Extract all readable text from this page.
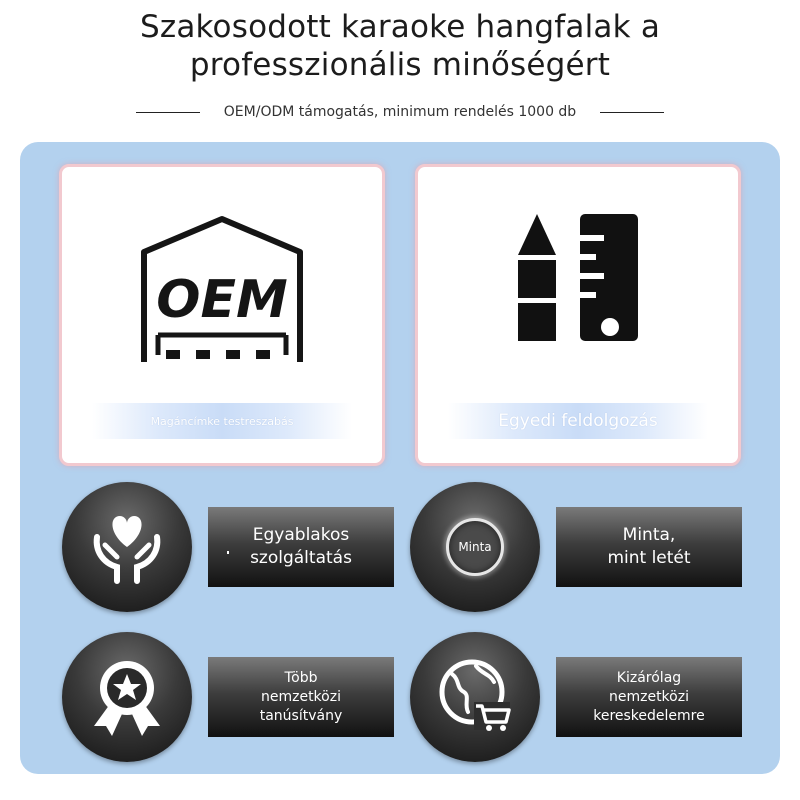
Szakosodott karaoke hangfalak a
professzionális minőségért
OEM/ODM támogatás, minimum rendelés 1000 db
OEM
Magáncímke testreszabás	Egyedi feldolgozás
Egyablakos
szolgáltatás
Minta
Minta,
mint letét
Több
nemzetközi
tanúsítvány
Kizárólag
nemzetközi
kereskedelemre
